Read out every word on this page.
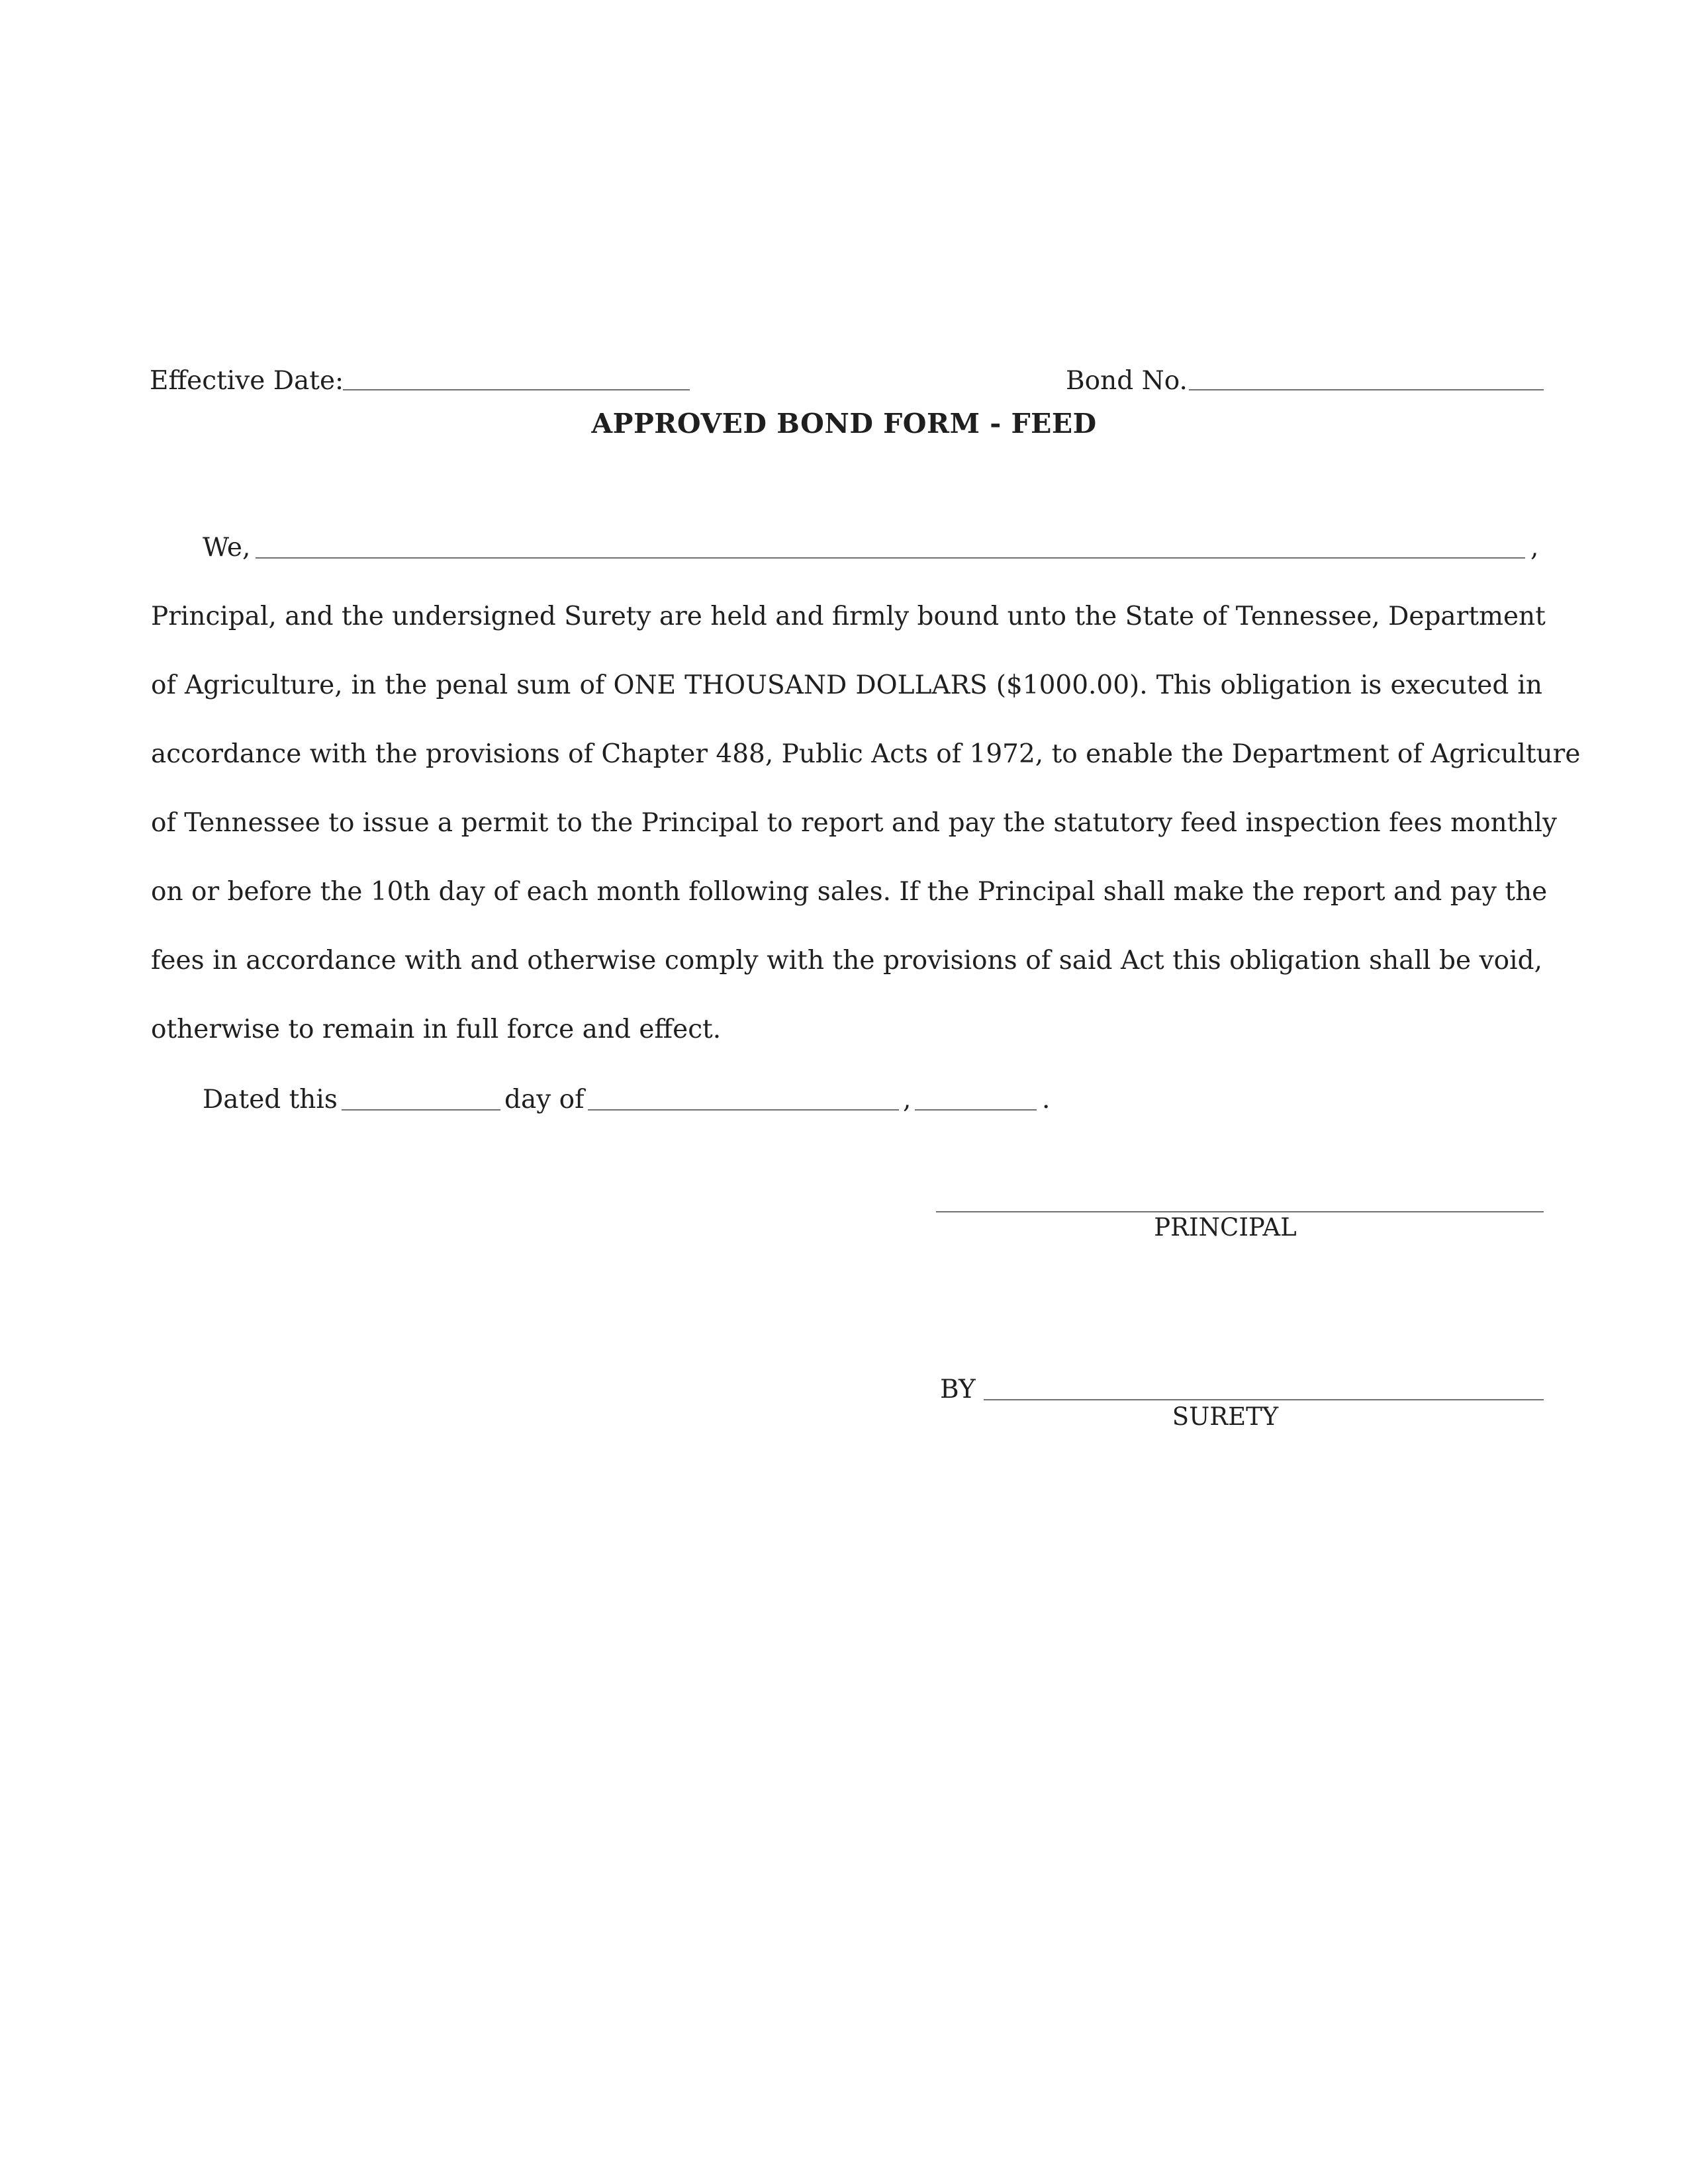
Effective Date:	Bond No.
APPROVED BOND FORM - FEED
We,	,
Principal, and the undersigned Surety are held and firmly bound unto the State of Tennessee, Department
of Agriculture, in the penal sum of ONE THOUSAND DOLLARS ($1000.00). This obligation is executed in
accordance with the provisions of Chapter 488, Public Acts of 1972, to enable the Department of Agriculture
of Tennessee to issue a permit to the Principal to report and pay the statutory feed inspection fees monthly
on or before the 10th day of each month following sales. If the Principal shall make the report and pay the
fees in accordance with and otherwise comply with the provisions of said Act this obligation shall be void,
otherwise to remain in full force and effect.
Dated this	day of	,	.
PRINCIPAL
BY
SURETY
